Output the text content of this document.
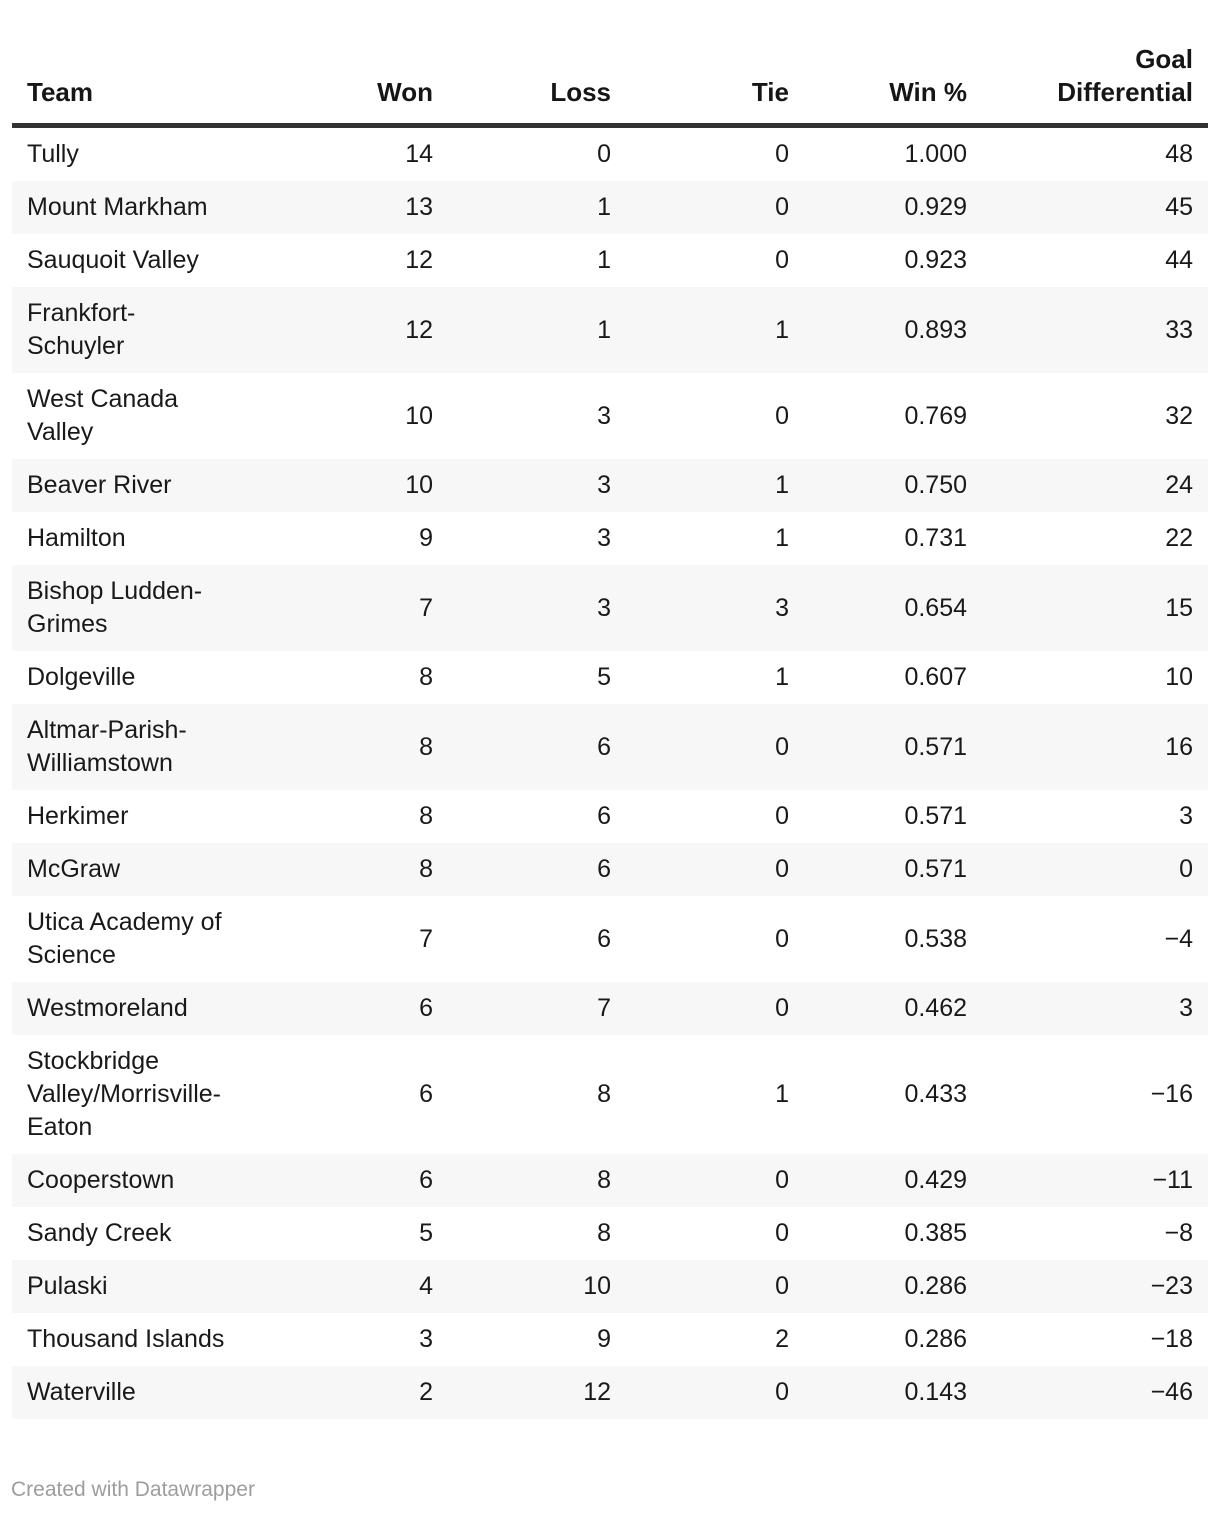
Team	Won	Loss	Tie	Win %	Goal Differential
Tully	14	0	0	1.000	48
Mount Markham	13	1	0	0.929	45
Sauquoit Valley	12	1	0	0.923	44
Frankfort-Schuyler	12	1	1	0.893	33
West Canada Valley	10	3	0	0.769	32
Beaver River	10	3	1	0.750	24
Hamilton	9	3	1	0.731	22
Bishop Ludden-Grimes	7	3	3	0.654	15
Dolgeville	8	5	1	0.607	10
Altmar-Parish-Williamstown	8	6	0	0.571	16
Herkimer	8	6	0	0.571	3
McGraw	8	6	0	0.571	0
Utica Academy of Science	7	6	0	0.538	−4
Westmoreland	6	7	0	0.462	3
Stockbridge Valley/Morrisville-Eaton	6	8	1	0.433	−16
Cooperstown	6	8	0	0.429	−11
Sandy Creek	5	8	0	0.385	−8
Pulaski	4	10	0	0.286	−23
Thousand Islands	3	9	2	0.286	−18
Waterville	2	12	0	0.143	−46
Created with Datawrapper
